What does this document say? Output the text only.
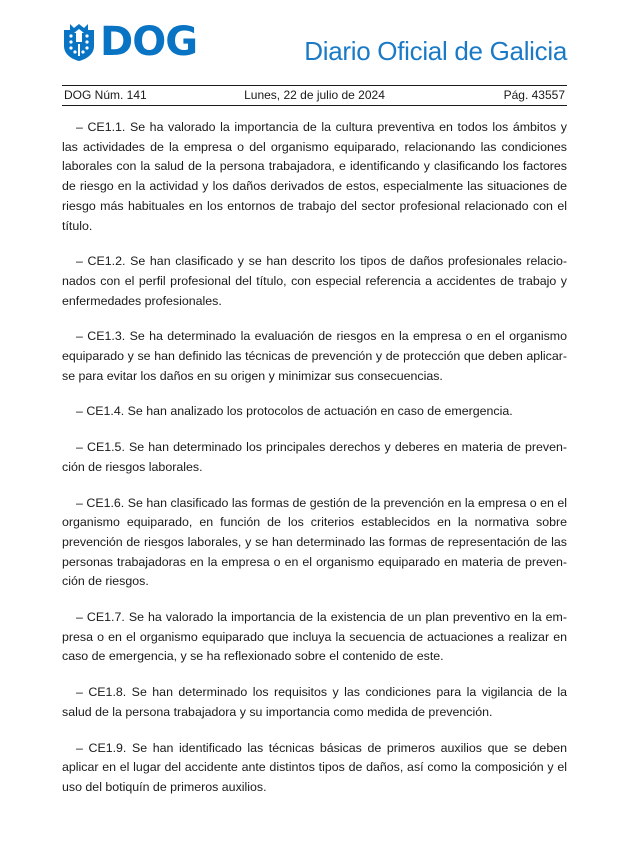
DOG	Diario Oficial de Galicia
DOG Núm. 141	Lunes, 22 de julio de 2024	Pág. 43557

– CE1.1. Se ha valorado la importancia de la cultura preventiva en todos los ámbitos y las actividades de la empresa o del organismo equiparado, relacionando las condiciones laborales con la salud de la persona trabajadora, e identificando y clasificando los factores de riesgo en la actividad y los daños derivados de estos, especialmente las situaciones de riesgo más habituales en los entornos de trabajo del sector profesional relacionado con el título.

– CE1.2. Se han clasificado y se han descrito los tipos de daños profesionales relacionados con el perfil profesional del título, con especial referencia a accidentes de trabajo y enfermedades profesionales.

– CE1.3. Se ha determinado la evaluación de riesgos en la empresa o en el organismo equiparado y se han definido las técnicas de prevención y de protección que deben aplicarse para evitar los daños en su origen y minimizar sus consecuencias.

– CE1.4. Se han analizado los protocolos de actuación en caso de emergencia.

– CE1.5. Se han determinado los principales derechos y deberes en materia de prevención de riesgos laborales.

– CE1.6. Se han clasificado las formas de gestión de la prevención en la empresa o en el organismo equiparado, en función de los criterios establecidos en la normativa sobre prevención de riesgos laborales, y se han determinado las formas de representación de las personas trabajadoras en la empresa o en el organismo equiparado en materia de prevención de riesgos.

– CE1.7. Se ha valorado la importancia de la existencia de un plan preventivo en la empresa o en el organismo equiparado que incluya la secuencia de actuaciones a realizar en caso de emergencia, y se ha reflexionado sobre el contenido de este.

– CE1.8. Se han determinado los requisitos y las condiciones para la vigilancia de la salud de la persona trabajadora y su importancia como medida de prevención.

– CE1.9. Se han identificado las técnicas básicas de primeros auxilios que se deben aplicar en el lugar del accidente ante distintos tipos de daños, así como la composición y el uso del botiquín de primeros auxilios.
